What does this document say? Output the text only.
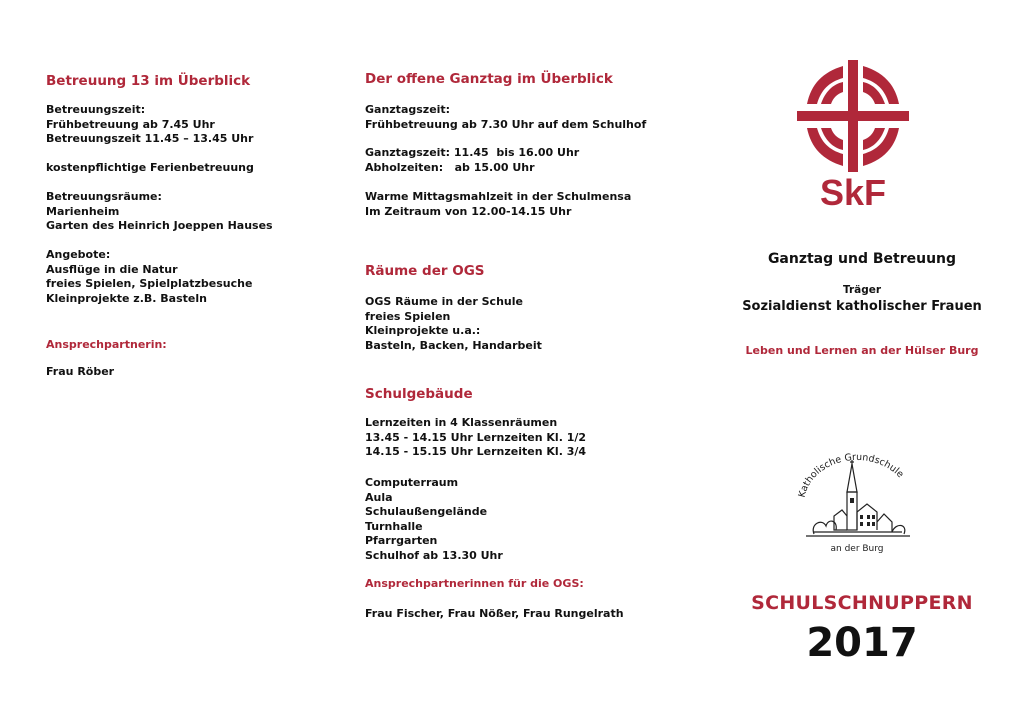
Betreuung 13 im Überblick
Betreuungszeit:
Frühbetreuung ab 7.45 Uhr
Betreuungszeit 11.45 – 13.45 Uhr
kostenpflichtige Ferienbetreuung
Betreuungsräume:
Marienheim
Garten des Heinrich Joeppen Hauses
Angebote:
Ausflüge in die Natur
freies Spielen, Spielplatzbesuche
Kleinprojekte z.B. Basteln
Ansprechpartnerin:
Frau Röber
Der offene Ganztag im Überblick
Ganztagszeit:
Frühbetreuung ab 7.30 Uhr auf dem Schulhof
Ganztagszeit: 11.45  bis 16.00 Uhr
Abholzeiten:   ab 15.00 Uhr
Warme Mittagsmahlzeit in der Schulmensa
Im Zeitraum von 12.00-14.15 Uhr
Räume der OGS
OGS Räume in der Schule
freies Spielen
Kleinprojekte u.a.:
Basteln, Backen, Handarbeit
Schulgebäude
Lernzeiten in 4 Klassenräumen
13.45 - 14.15 Uhr Lernzeiten Kl. 1/2
14.15 - 15.15 Uhr Lernzeiten Kl. 3/4
Computerraum
Aula
Schulaußengelände
Turnhalle
Pfarrgarten
Schulhof ab 13.30 Uhr
Ansprechpartnerinnen für die OGS:
Frau Fischer, Frau Nößer, Frau Rungelrath
SkF
Ganztag und Betreuung
Träger
Sozialdienst katholischer Frauen
Leben und Lernen an der Hülser Burg
Katholische Grundschule
an der Burg
SCHULSCHNUPPERN
2017
